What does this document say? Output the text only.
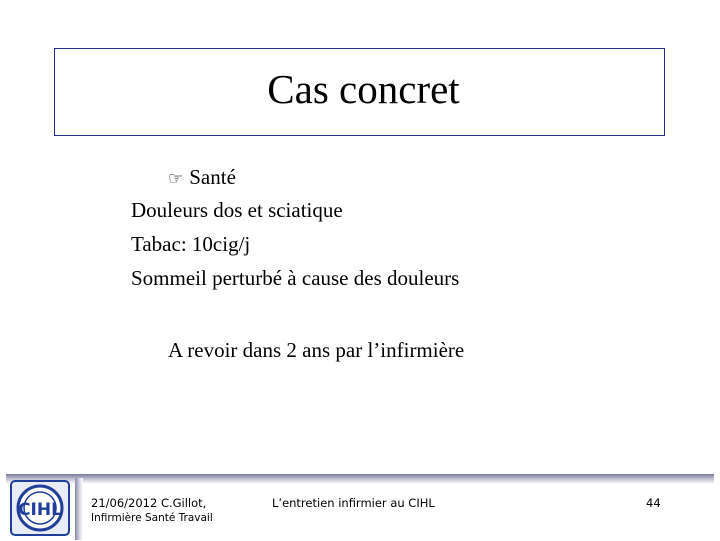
Cas concret
☞ Santé
Douleurs dos et sciatique
Tabac: 10cig/j
Sommeil perturbé à cause des douleurs
A revoir dans 2 ans par l’infirmière
CIHL	21/06/2012 C.Gillot,
Infirmière Santé Travail
L’entretien infirmier au CIHL	44
